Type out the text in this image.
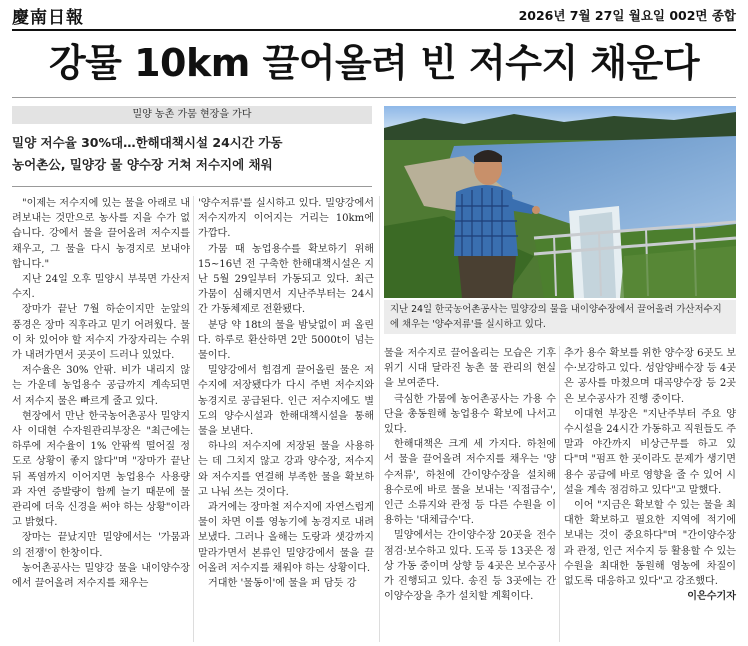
慶南日報	2026년 7월 27일 월요일 002면 종합
강물 10km 끌어올려 빈 저수지 채운다
밀양 농촌 가뭄 현장을 가다
밀양 저수율 30%대…한해대책시설 24시간 가동
농어촌公, 밀양강 물 양수장 거쳐 저수지에 채워
지난 24일 한국농어촌공사는 밀양강의 물을 내이양수장에서 끌어올려 가산저수지에 채우는 '양수저류'를 실시하고 있다.

"이제는 저수지에 있는 물을 아래로 내려보내는 것만으로 농사를 지을 수가 없습니다. 강에서 물을 끌어올려 저수지를 채우고, 그 물을 다시 농경지로 보내야 합니다."

지난 24일 오후 밀양시 부북면 가산저수지.

장마가 끝난 7월 하순이지만 눈앞의 풍경은 장마 직후라고 믿기 어려웠다. 물이 차 있어야 할 저수지 가장자리는 수위가 내려가면서 곳곳이 드러나 있었다.

저수율은 30% 안팎. 비가 내리지 않는 가운데 농업용수 공급까지 계속되면서 저수지 물은 빠르게 줄고 있다.

현장에서 만난 한국농어촌공사 밀양지사 이대현 수자원관리부장은 "최근에는 하루에 저수율이 1% 안팎씩 떨어질 정도로 상황이 좋지 않다"며 "장마가 끝난 뒤 폭염까지 이어지면 농업용수 사용량과 자연 증발량이 함께 늘기 때문에 물 관리에 더욱 신경을 써야 하는 상황"이라고 밝혔다.

장마는 끝났지만 밀양에서는 '가뭄과의 전쟁'이 한창이다.

농어촌공사는 밀양강 물을 내이양수장에서 끌어올려 저수지를 채우는

'양수저류'를 실시하고 있다. 밀양강에서 저수지까지 이어지는 거리는 10km에 가깝다.

가뭄 때 농업용수를 확보하기 위해 15~16년 전 구축한 한해대책시설은 지난 5월 29일부터 가동되고 있다. 최근 가뭄이 심해지면서 지난주부터는 24시간 가동체제로 전환됐다.

분당 약 18t의 물을 밤낮없이 퍼 올린다. 하루로 환산하면 2만 5000t이 넘는 물이다.

밀양강에서 힘겹게 끌어올린 물은 저수지에 저장됐다가 다시 주변 저수지와 농경지로 공급된다. 인근 저수지에도 별도의 양수시설과 한해대책시설을 통해 물을 보낸다.

하나의 저수지에 저장된 물을 사용하는 데 그치지 않고 강과 양수장, 저수지와 저수지를 연결해 부족한 물을 확보하고 나눠 쓰는 것이다.

과거에는 장마철 저수지에 자연스럽게 물이 차면 이를 영농기에 농경지로 내려보냈다. 그러나 올해는 도랑과 샛강까지 말라가면서 본류인 밀양강에서 물을 끌어올려 저수지를 채워야 하는 상황이다.

거대한 '물동이'에 물을 퍼 담듯 강

물을 저수지로 끌어올리는 모습은 기후위기 시대 달라진 농촌 물 관리의 현실을 보여준다.

극심한 가뭄에 농어촌공사는 가용 수단을 총동원해 농업용수 확보에 나서고 있다.

한해대책은 크게 세 가지다. 하천에서 물을 끌어올려 저수지를 채우는 '양수저류', 하천에 간이양수장을 설치해 용수로에 바로 물을 보내는 '직접급수', 인근 소류지와 관정 등 다른 수원을 이용하는 '대체급수'다.

밀양에서는 간이양수장 20곳을 전수 점검·보수하고 있다. 도곡 등 13곳은 정상 가동 중이며 상향 등 4곳은 보수공사가 진행되고 있다. 송진 등 3곳에는 간이양수장을 추가 설치할 계획이다.

추가 용수 확보를 위한 양수장 6곳도 보수·보강하고 있다. 성암양배수장 등 4곳은 공사를 마쳤으며 대곡양수장 등 2곳은 보수공사가 진행 중이다.

이대현 부장은 "지난주부터 주요 양수시설을 24시간 가동하고 직원들도 주말과 야간까지 비상근무를 하고 있다"며 "펌프 한 곳이라도 문제가 생기면 용수 공급에 바로 영향을 줄 수 있어 시설을 계속 점검하고 있다"고 말했다.

이어 "지금은 확보할 수 있는 물을 최대한 확보하고 필요한 지역에 적기에 보내는 것이 중요하다"며 "간이양수장과 관정, 인근 저수지 등 활용할 수 있는 수원을 최대한 동원해 영농에 차질이 없도록 대응하고 있다"고 강조했다.

이은수기자
